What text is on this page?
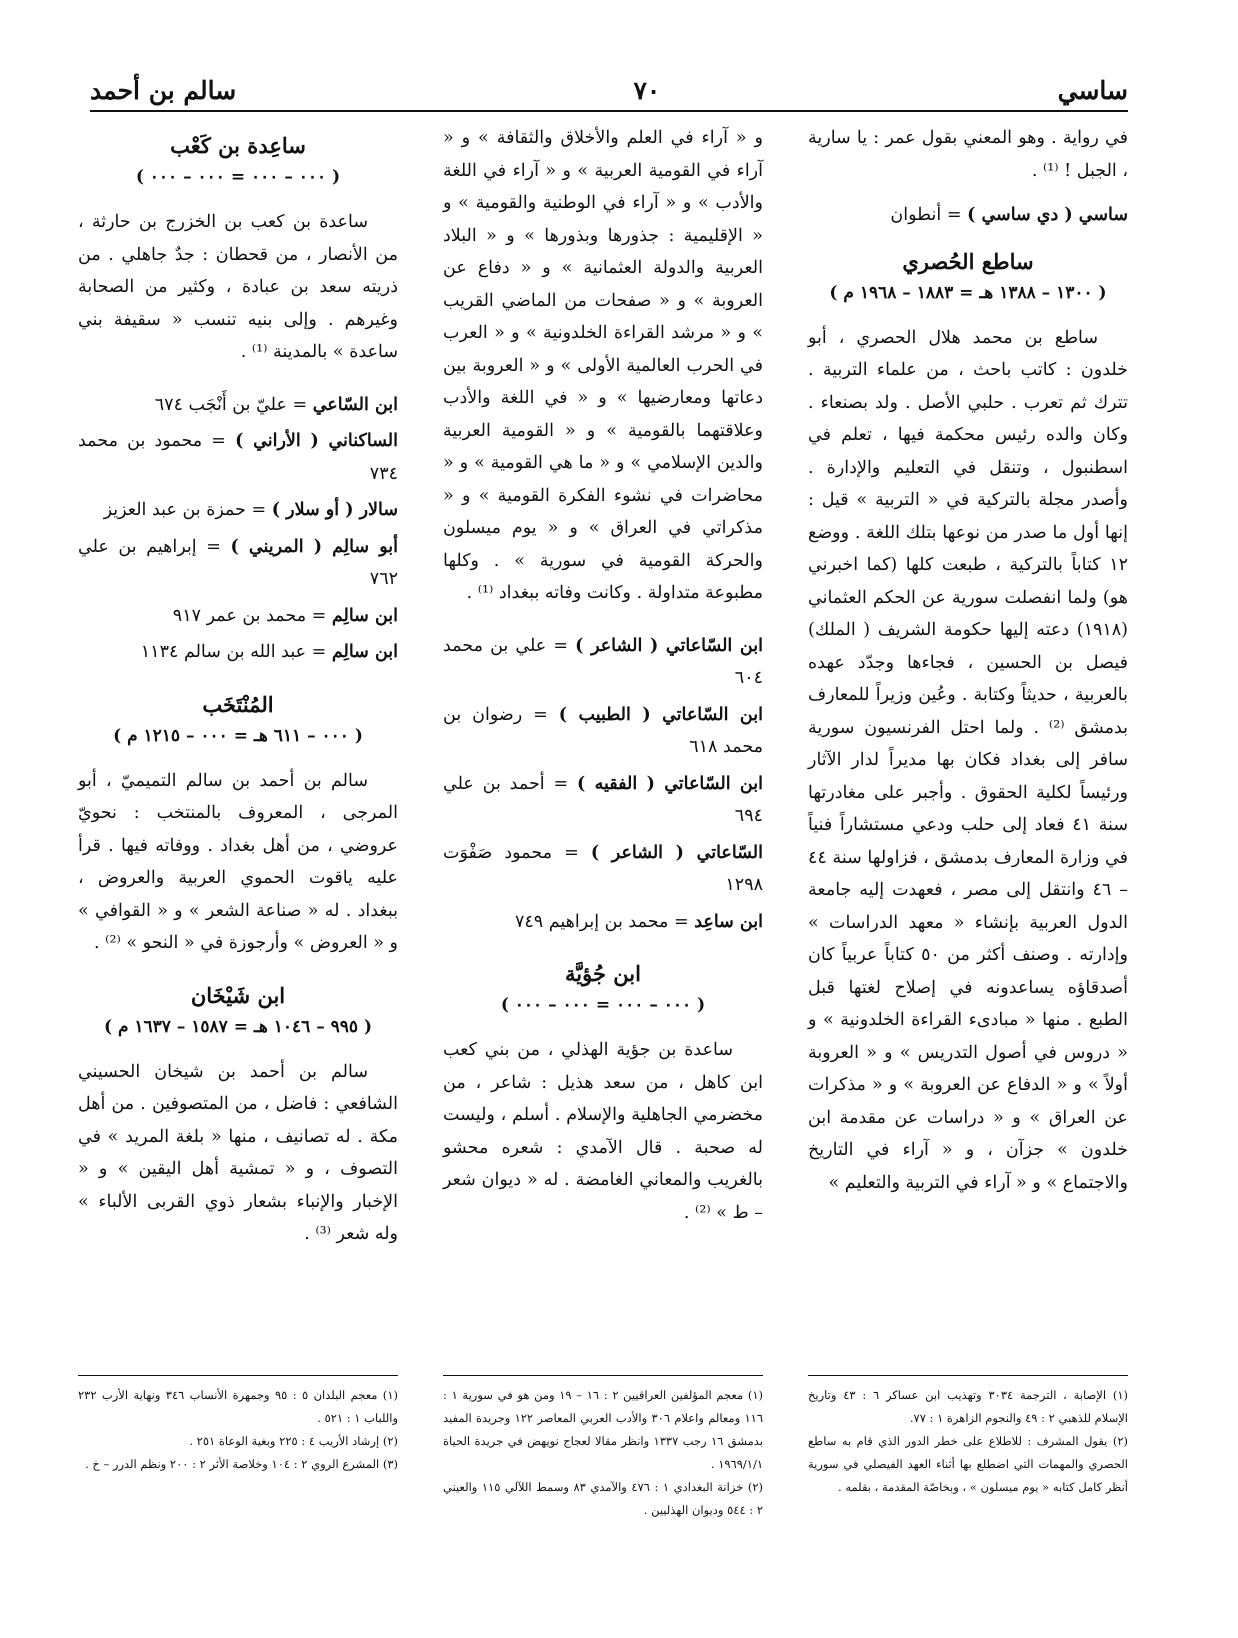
ساسي
٧٠
سالم بن أحمد

في رواية . وهو المعني بقول عمر : يا سارية ، الجبل ! ⁽¹⁾ .

ساسي ( دي ساسي ) = أنطوان
ساطع الحُصري
( ١٣٠٠ – ١٣٨٨ هـ = ١٨٨٣ – ١٩٦٨ م )

ساطع بن محمد هلال الحصري ، أبو خلدون : كاتب باحث ، من علماء التربية . تترك ثم تعرب . حلبي الأصل . ولد بصنعاء . وكان والده رئيس محكمة فيها ، تعلم في اسطنبول ، وتنقل في التعليم والإدارة . وأصدر مجلة بالتركية في « التربية » قيل : إنها أول ما صدر من نوعها بتلك اللغة . ووضع ١٢ كتاباً بالتركية ، طبعت كلها (كما اخبرني هو) ولما انفصلت سورية عن الحكم العثماني (١٩١٨) دعته إليها حكومة الشريف ( الملك) فيصل بن الحسين ، فجاءها وجدّد عهده بالعربية ، حديثاً وكتابة . وعُين وزيراً للمعارف بدمشق ⁽²⁾ . ولما احتل الفرنسيون سورية سافر إلى بغداد فكان بها مديراً لدار الآثار ورئيساً لكلية الحقوق . وأجبر على مغادرتها سنة ٤١ فعاد إلى حلب ودعي مستشاراً فنياً في وزارة المعارف بدمشق ، فزاولها سنة ٤٤ – ٤٦ وانتقل إلى مصر ، فعهدت إليه جامعة الدول العربية بإنشاء « معهد الدراسات » وإدارته . وصنف أكثر من ٥٠ كتاباً عربياً كان أصدقاؤه يساعدونه في إصلاح لغتها قبل الطبع . منها « مبادىء القراءة الخلدونية » و « دروس في أصول التدريس » و « العروبة أولاً » و « الدفاع عن العروبة » و « مذكرات عن العراق » و « دراسات عن مقدمة ابن خلدون » جزآن ، و « آراء في التاريخ والاجتماع » و « آراء في التربية والتعليم »

و « آراء في العلم والأخلاق والثقافة » و « آراء في القومية العربية » و « آراء في اللغة والأدب » و « آراء في الوطنية والقومية » و « الإقليمية : جذورها وبذورها » و « البلاد العربية والدولة العثمانية » و « دفاع عن العروبة » و « صفحات من الماضي القريب » و « مرشد القراءة الخلدونية » و « العرب في الحرب العالمية الأولى » و « العروبة بين دعاتها ومعارضيها » و « في اللغة والأدب وعلاقتهما بالقومية » و « القومية العربية والدين الإسلامي » و « ما هي القومية » و « محاضرات في نشوء الفكرة القومية » و « مذكراتي في العراق » و « يوم ميسلون والحركة القومية في سورية » . وكلها مطبوعة متداولة . وكانت وفاته ببغداد ⁽¹⁾ .

ابن السّاعاتي ( الشاعر ) = علي بن محمد ٦٠٤
ابن السّاعاتي ( الطبيب ) = رضوان بن محمد ٦١٨
ابن السّاعاتي ( الفقيه ) = أحمد بن علي ٦٩٤
السّاعاتي ( الشاعر ) = محمود صَفْوَت ١٢٩٨
ابن ساعِد = محمد بن إبراهيم ٧٤٩
ابن جُؤيَّة
( ٠٠٠ – ٠٠٠ = ٠٠٠ – ٠٠٠ )

ساعدة بن جؤية الهذلي ، من بني كعب ابن كاهل ، من سعد هذيل : شاعر ، من مخضرمي الجاهلية والإسلام . أسلم ، وليست له صحبة . قال الآمدي : شعره محشو بالغريب والمعاني الغامضة . له « ديوان شعر – ط » ⁽²⁾ .

ساعِدة بن كَعْب
( ٠٠٠ – ٠٠٠ = ٠٠٠ – ٠٠٠ )

ساعدة بن كعب بن الخزرج بن حارثة ، من الأنصار ، من قحطان : جدٌ جاهلي . من ذريته سعد بن عبادة ، وكثير من الصحابة وغيرهم . وإلى بنيه تنسب « سقيفة بني ساعدة » بالمدينة ⁽¹⁾ .

ابن السّاعي = عليّ بن أَنْجَب ٦٧٤
الساكناني ( الأراني ) = محمود بن محمد ٧٣٤
سالار ( أو سلار ) = حمزة بن عبد العزيز
أبو سالِم ( المريني ) = إبراهيم بن علي ٧٦٢
ابن سالِم = محمد بن عمر ٩١٧
ابن سالِم = عبد الله بن سالم ١١٣٤
المُنْتَخَب
( ٠٠٠ – ٦١١ هـ = ٠٠٠ – ١٢١٥ م )

سالم بن أحمد بن سالم التميميّ ، أبو المرجى ، المعروف بالمنتخب : نحويّ عروضي ، من أهل بغداد . ووفاته فيها . قرأ عليه ياقوت الحموي العربية والعروض ، ببغداد . له « صناعة الشعر » و « القوافي » و « العروض » وأرجوزة في « النحو » ⁽²⁾ .

ابن شَيْخَان
( ٩٩٥ – ١٠٤٦ هـ = ١٥٨٧ – ١٦٣٧ م )

سالم بن أحمد بن شيخان الحسيني الشافعي : فاضل ، من المتصوفين . من أهل مكة . له تصانيف ، منها « بلغة المريد » في التصوف ، و « تمشية أهل اليقين » و « الإخبار والإنباء بشعار ذوي القربى الألباء » وله شعر ⁽³⁾ .

(١) الإصابة ، الترجمة ٣٠٣٤ وتهذيب ابن عساكر ٦ : ٤٣ وتاريخ الإسلام للذهبي ٢ : ٤٩ والنجوم الزاهرة ١ : ٧٧.
(٢) يقول المشرف : للاطلاع على خطر الدور الذي قام به ساطع الحصري والمهمات التي اضطلع بها أثناء العهد الفيصلي في سورية أنظر كامل كتابه « يوم ميسلون » ، وبخاصّة المقدمة ، بقلمه .
(١) معجم المؤلفين العراقيين ٢ : ١٦ – ١٩ ومن هو في سورية ١ : ١١٦ ومعالم واعلام ٣٠٦ والأدب العربي المعاصر ١٢٢ وجريدة المفيد بدمشق ١٦ رجب ١٣٣٧ وانظر مقالا لعجاج نويهض في جريدة الحياة ١٩٦٩/١/١ .
(٢) خزانة البغدادي ١ : ٤٧٦ والآمدي ٨٣ وسمط اللآلي ١١٥ والعيني ٢ : ٥٤٤ وديوان الهذليين .
(١) معجم البلدان ٥ : ٩٥ وجمهرة الأنساب ٣٤٦ ونهاية الأرب ٢٣٢ واللباب ١ : ٥٢١ .
(٢) إرشاد الأريب ٤ : ٢٢٥ وبغية الوعاة ٢٥١ .
(٣) المشرع الروي ٢ : ١٠٤ وخلاصة الأثر ٢ : ٢٠٠ ونظم الدرر – خ .
